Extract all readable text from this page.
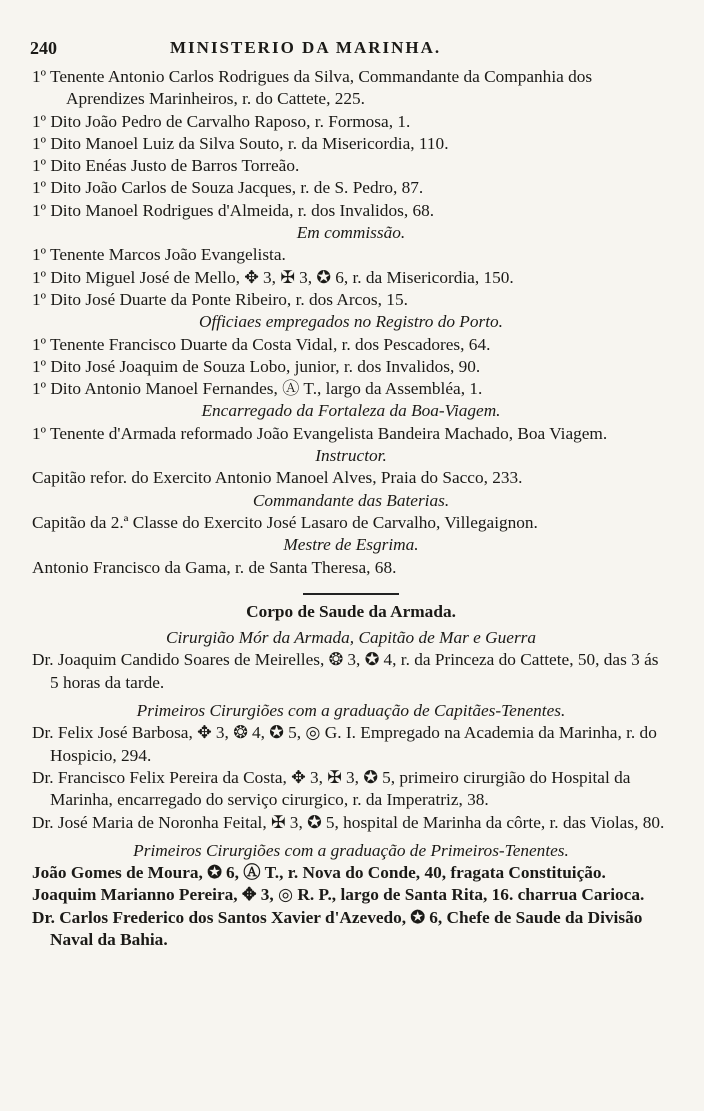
240	MINISTERIO DA MARINHA.

1º Tenente Antonio Carlos Rodrigues da Silva, Commandante da Companhia dos Aprendizes Marinheiros, r. do Cattete, 225.

1º Dito João Pedro de Carvalho Raposo, r. Formosa, 1.

1º Dito Manoel Luiz da Silva Souto, r. da Misericordia, 110.

1º Dito Enéas Justo de Barros Torreão.

1º Dito João Carlos de Souza Jacques, r. de S. Pedro, 87.

1º Dito Manoel Rodrigues d'Almeida, r. dos Invalidos, 68.

Em commissão.

1º Tenente Marcos João Evangelista.

1º Dito Miguel José de Mello, ✥ 3, ✠ 3, ✪ 6, r. da Misericordia, 150.

1º Dito José Duarte da Ponte Ribeiro, r. dos Arcos, 15.

Officiaes empregados no Registro do Porto.

1º Tenente Francisco Duarte da Costa Vidal, r. dos Pescadores, 64.

1º Dito José Joaquim de Souza Lobo, junior, r. dos Invalidos, 90.

1º Dito Antonio Manoel Fernandes, Ⓐ T., largo da Assembléa, 1.

Encarregado da Fortaleza da Boa-Viagem.

1º Tenente d'Armada reformado João Evangelista Bandeira Machado, Boa Viagem.

Instructor.

Capitão refor. do Exercito Antonio Manoel Alves, Praia do Sacco, 233.

Commandante das Baterias.

Capitão da 2.ª Classe do Exercito José Lasaro de Carvalho, Villegaignon.

Mestre de Esgrima.

Antonio Francisco da Gama, r. de Santa Theresa, 68.

Corpo de Saude da Armada.

Cirurgião Mór da Armada, Capitão de Mar e Guerra

Dr. Joaquim Candido Soares de Meirelles, ❂ 3, ✪ 4, r. da Princeza do Cattete, 50, das 3 ás 5 horas da tarde.

Primeiros Cirurgiões com a graduação de Capitães-Tenentes.

Dr. Felix José Barbosa, ✥ 3, ❂ 4, ✪ 5, ◎ G. I. Empregado na Academia da Marinha, r. do Hospicio, 294.

Dr. Francisco Felix Pereira da Costa, ✥ 3, ✠ 3, ✪ 5, primeiro cirurgião do Hospital da Marinha, encarregado do serviço cirurgico, r. da Imperatriz, 38.

Dr. José Maria de Noronha Feital, ✠ 3, ✪ 5, hospital de Marinha da côrte, r. das Violas, 80.

Primeiros Cirurgiões com a graduação de Primeiros-Tenentes.

João Gomes de Moura, ✪ 6, Ⓐ T., r. Nova do Conde, 40, fragata Constituição.

Joaquim Marianno Pereira, ✥ 3, ◎ R. P., largo de Santa Rita, 16. charrua Carioca.

Dr. Carlos Frederico dos Santos Xavier d'Azevedo, ✪ 6, Chefe de Saude da Divisão Naval da Bahia.
